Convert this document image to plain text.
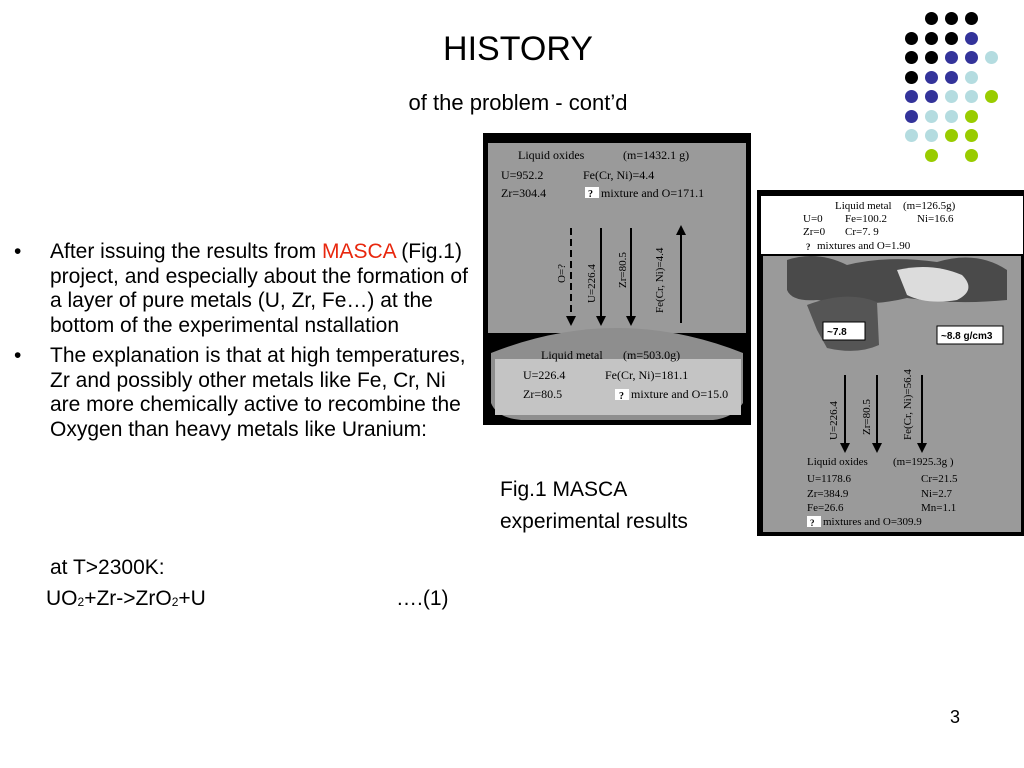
HISTORY
of the problem - cont’d
• After issuing the results from MASCA (Fig.1) project, and especially about the formation of a layer of pure metals (U, Zr, Fe…) at the bottom of the experimental nstallation
• The explanation is that at high temperatures, Zr and possibly other metals like Fe, Cr, Ni are more chemically active to recombine the Oxygen than heavy metals like Uranium:
at T>2300K:
$UO_2+Zr->ZrO_2+U$	….(1)
Fig.1 MASCA
experimental results
Liquid oxides	(m=1432.1 g)
U=952.2	Fe(Cr, Ni)=4.4
Zr=304.4	? mixture and O=171.1
O=? U=226.4 Zr=80.5 Fe(Cr, Ni)=4.4
Liquid metal (m=503.0g)
U=226.4	Fe(Cr, Ni)=181.1
Zr=80.5	? mixture and O=15.0
Liquid metal (m=126.5g)
U=0 Fe=100.2	Ni=16.6
Zr=0 Cr=7. 9
? mixtures and O=1.90
~7.8	~8.8 g/cm3
U=226.4 Zr=80.5	Fe(Cr, Ni)=56.4
Liquid oxides (m=1925.3g )
U=1178.6	Cr=21.5
Zr=384.9	Ni=2.7
Fe=26.6	Mn=1.1
? mixtures and O=309.9
3
